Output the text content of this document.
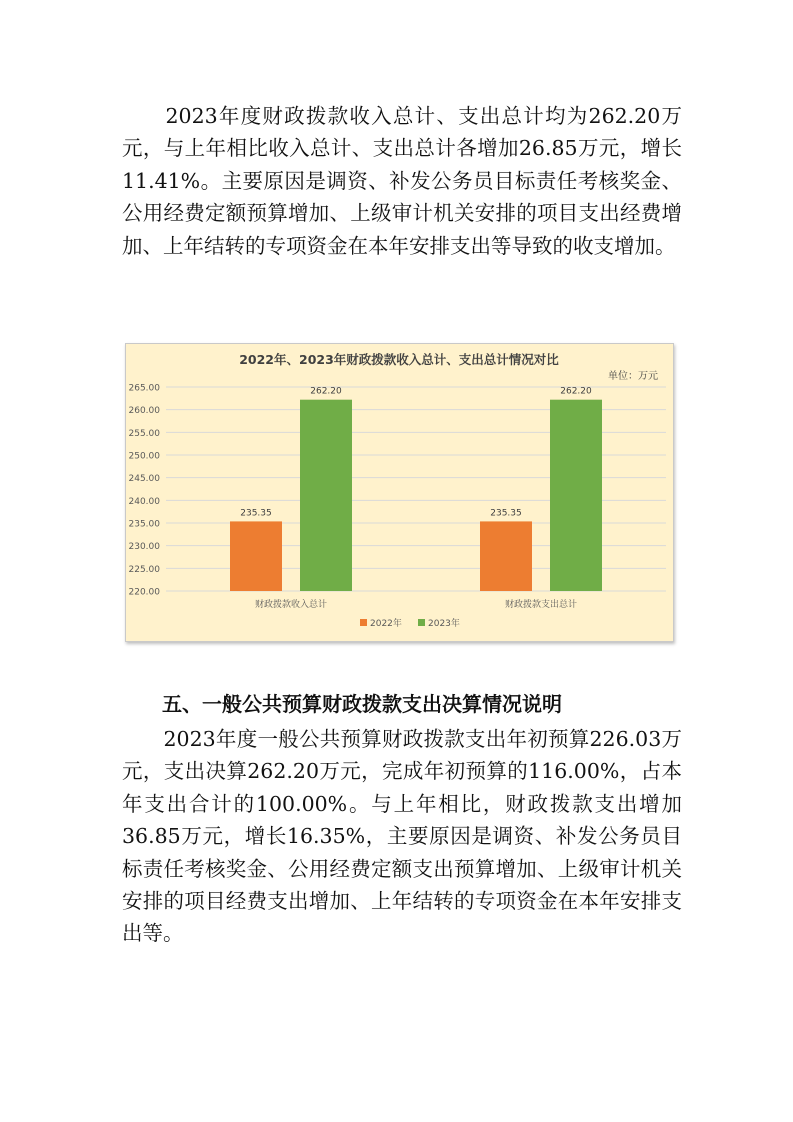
　　2023年度财政拨款收入总计、支出总计均为262.20万元，与上年相比收入总计、支出总计各增加26.85万元，增长11.41%。主要原因是调资、补发公务员目标责任考核奖金、公用经费定额预算增加、上级审计机关安排的项目支出经费增加、上年结转的专项资金在本年安排支出等导致的收支增加。

2022年、2023年财政拨款收入总计、支出总计情况对比
单位：万元
220.00
225.00
230.00
235.00
240.00
245.00
250.00
255.00
260.00
265.00
235.35
262.20
财政拨款收入总计
235.35
262.20
财政拨款支出总计
2022年	2023年
五、一般公共预算财政拨款支出决算情况说明

　　2023年度一般公共预算财政拨款支出年初预算226.03万元，支出决算262.20万元，完成年初预算的116.00%，占本年支出合计的100.00%。与上年相比，财政拨款支出增加36.85万元，增长16.35%，主要原因是调资、补发公务员目标责任考核奖金、公用经费定额支出预算增加、上级审计机关安排的项目经费支出增加、上年结转的专项资金在本年安排支出等。
